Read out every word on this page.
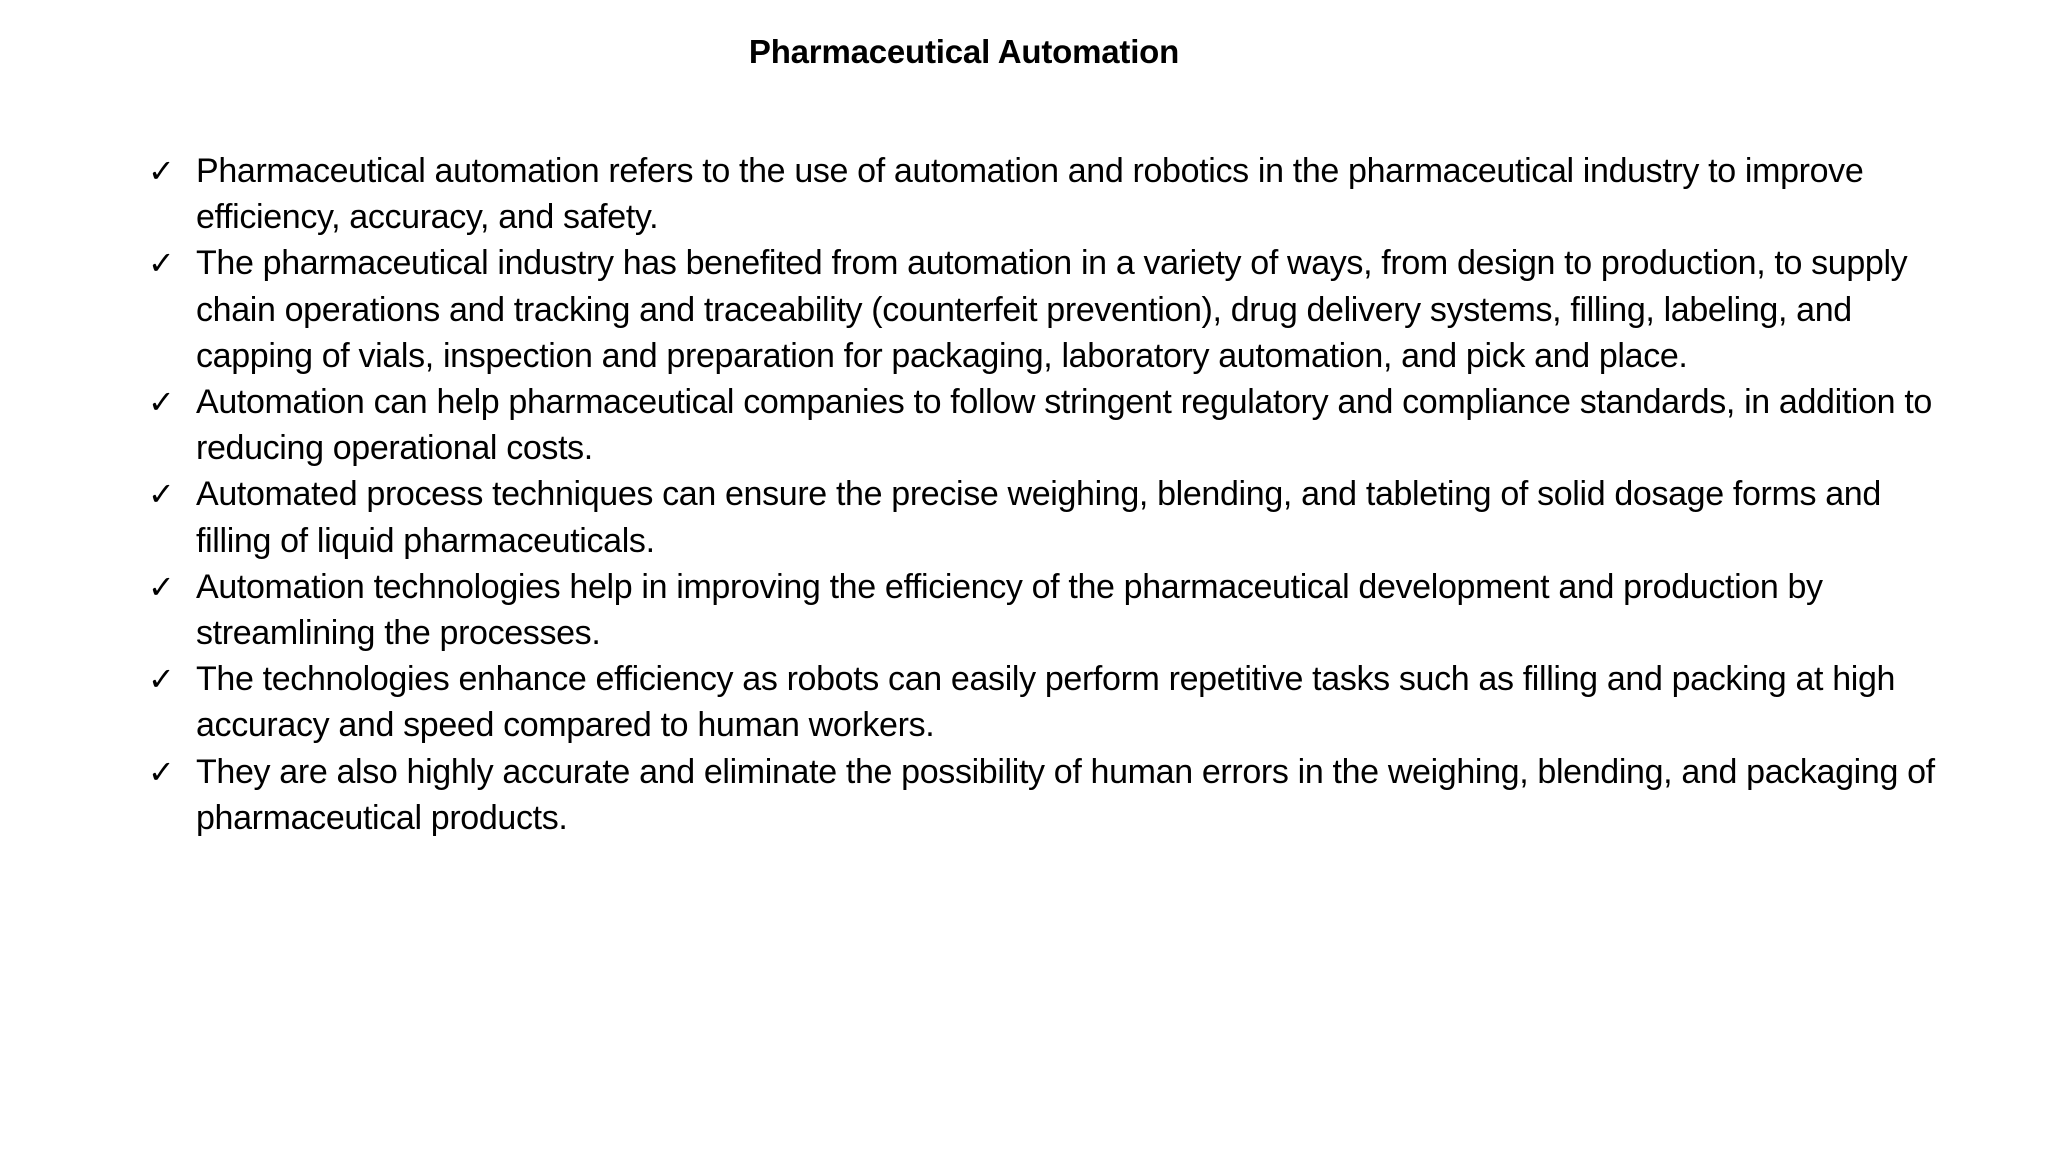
Pharmaceutical Automation
✓ Pharmaceutical automation refers to the use of automation and robotics in the pharmaceutical industry to improve efficiency, accuracy, and safety.
✓ The pharmaceutical industry has benefited from automation in a variety of ways, from design to production, to supply chain operations and tracking and traceability (counterfeit prevention), drug delivery systems, filling, labeling, and capping of vials, inspection and preparation for packaging, laboratory automation, and pick and place.
✓ Automation can help pharmaceutical companies to follow stringent regulatory and compliance standards, in addition to reducing operational costs.
✓ Automated process techniques can ensure the precise weighing, blending, and tableting of solid dosage forms and filling of liquid pharmaceuticals.
✓ Automation technologies help in improving the efficiency of the pharmaceutical development and production by streamlining the processes.
✓ The technologies enhance efficiency as robots can easily perform repetitive tasks such as filling and packing at high accuracy and speed compared to human workers.
✓ They are also highly accurate and eliminate the possibility of human errors in the weighing, blending, and packaging of pharmaceutical products.
